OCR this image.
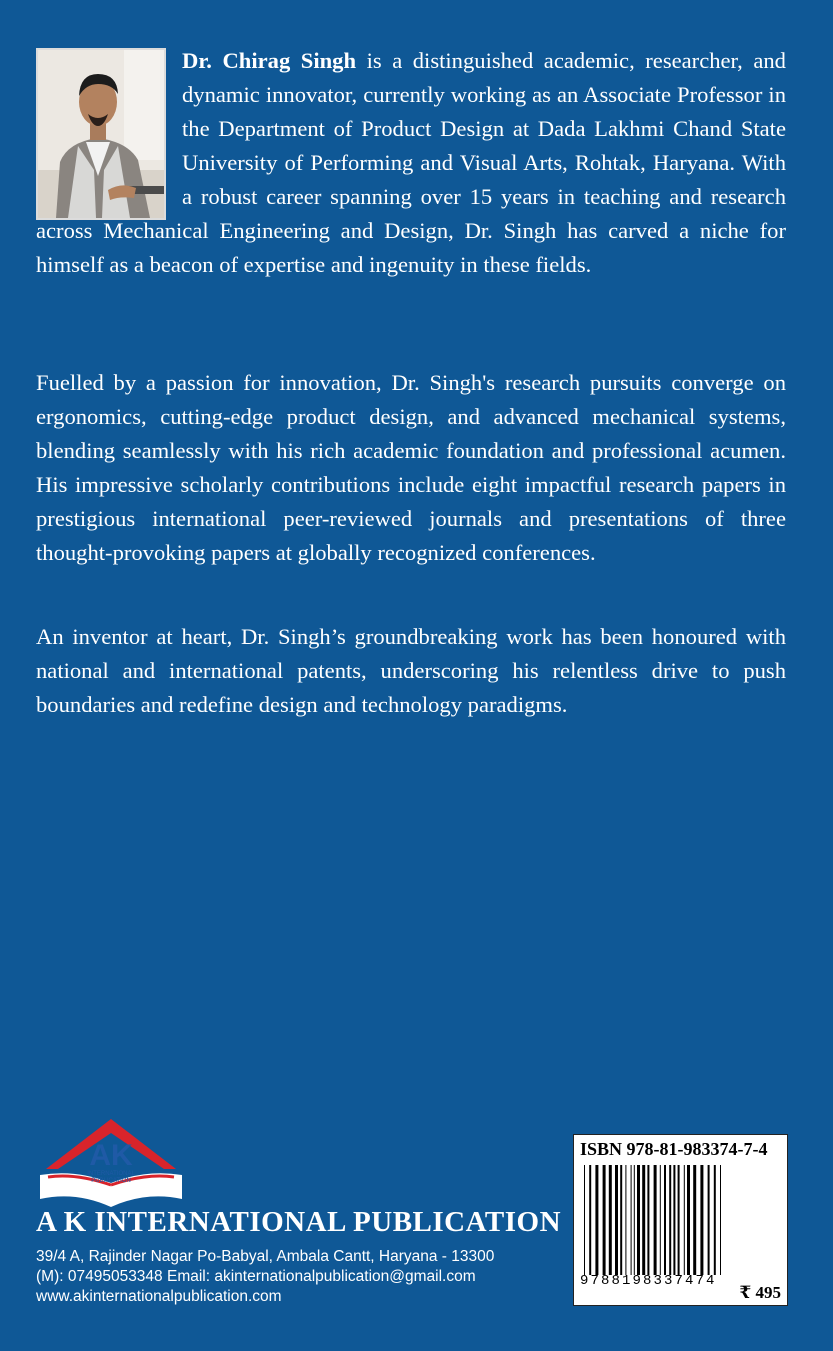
Dr. Chirag Singh is a distinguished academic, researcher, and dynamic innovator, currently working as an Associate Professor in the Department of Product Design at Dada Lakhmi Chand State University of Performing and Visual Arts, Rohtak, Haryana. With a robust career spanning over 15 years in teaching and research across Mechanical Engineering and Design, Dr. Singh has carved a niche for himself as a beacon of expertise and ingenuity in these fields.

Fuelled by a passion for innovation, Dr. Singh's research pursuits converge on ergonomics, cutting-edge product design, and advanced mechanical systems, blending seamlessly with his rich academic foundation and professional acumen. His impressive scholarly contributions include eight impactful research papers in prestigious international peer-reviewed journals and presentations of three thought-provoking papers at globally recognized conferences.

An inventor at heart, Dr. Singh’s groundbreaking work has been honoured with national and international patents, underscoring his relentless drive to push boundaries and redefine design and technology paradigms.

AK
INTERNATIONAL
PUBLICATION
A K INTERNATIONAL PUBLICATION
39/4 A, Rajinder Nagar Po-Babyal, Ambala Cantt, Haryana - 13300
(M): 07495053348 Email: akinternationalpublication@gmail.com
www.akinternationalpublication.com
ISBN 978-81-983374-7-4
9788198337474
₹ 495
